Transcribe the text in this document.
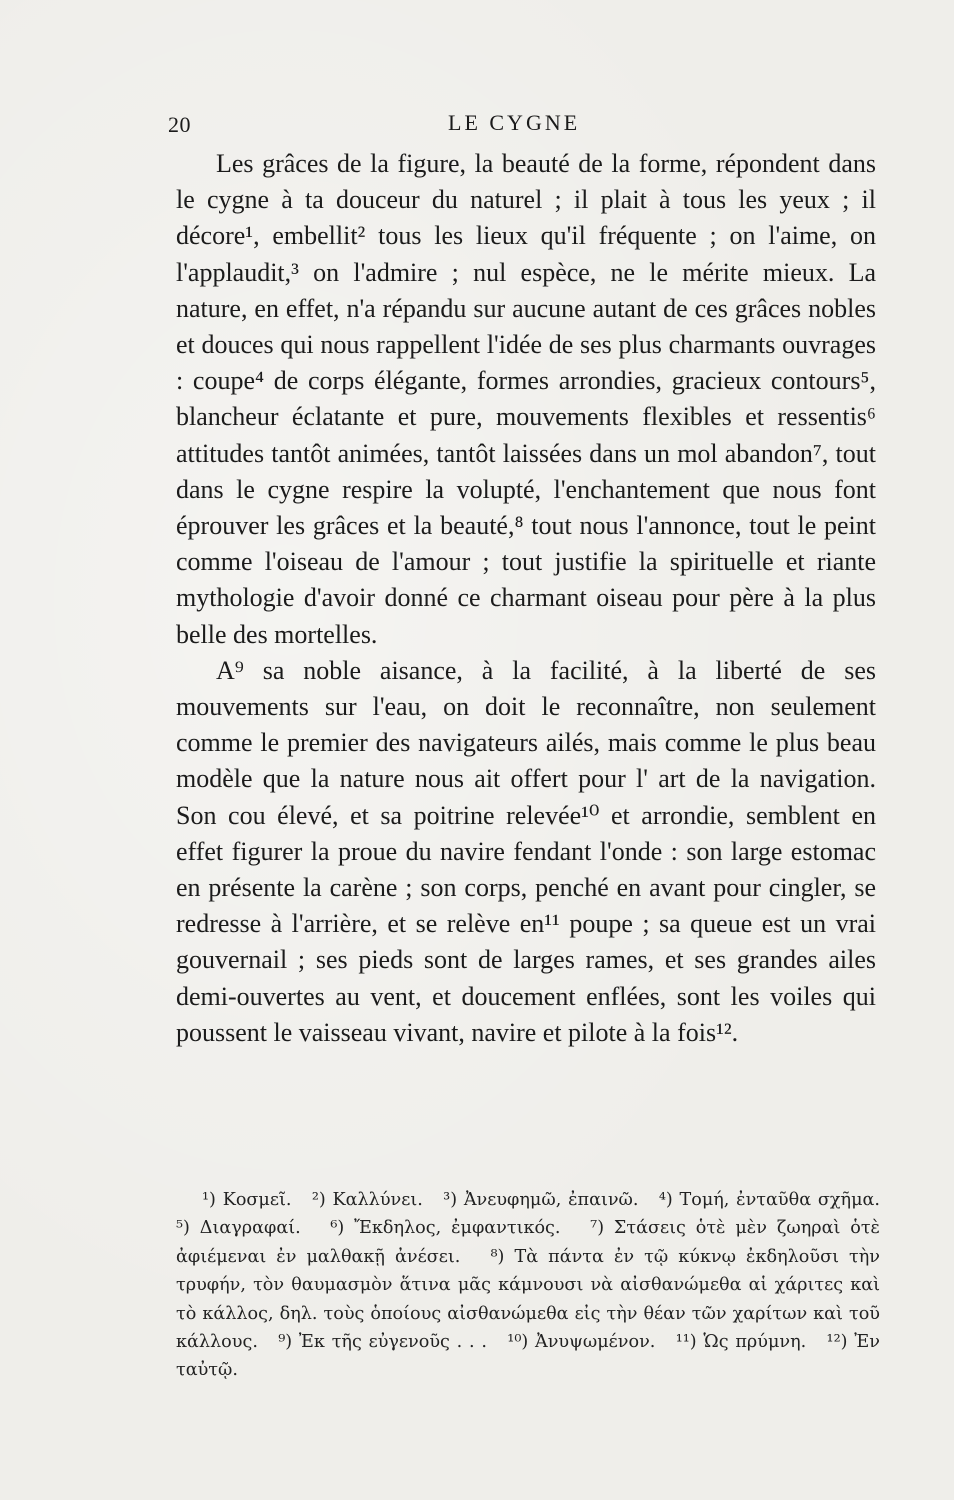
20	LE CYGNE

Les grâces de la figure, la beauté de la forme, répondent dans le cygne à ta douceur du naturel ; il plait à tous les yeux ; il décore¹, embellit² tous les lieux qu'il fréquente ; on l'aime, on l'applaudit,³ on l'admire ; nul espèce, ne le mérite mieux. La nature, en effet, n'a répandu sur aucune autant de ces grâces nobles et douces qui nous rappellent l'idée de ses plus charmants ouvrages : coupe⁴ de corps élégante, formes arrondies, gracieux contours⁵, blancheur éclatante et pure, mouvements flexibles et ressentis⁶ attitudes tantôt animées, tantôt laissées dans un mol abandon⁷, tout dans le cygne respire la volupté, l'enchantement que nous font éprouver les grâces et la beauté,⁸ tout nous l'annonce, tout le peint comme l'oiseau de l'amour ; tout justifie la spirituelle et riante mythologie d'avoir donné ce charmant oiseau pour père à la plus belle des mortelles.

A⁹ sa noble aisance, à la facilité, à la liberté de ses mouvements sur l'eau, on doit le reconnaître, non seulement comme le premier des navigateurs ailés, mais comme le plus beau modèle que la nature nous ait offert pour l' art de la navigation. Son cou élevé, et sa poitrine relevée¹⁰ et arrondie, semblent en effet figurer la proue du navire fendant l'onde : son large estomac en présente la carène ; son corps, penché en avant pour cingler, se redresse à l'arrière, et se relève en¹¹ poupe ; sa queue est un vrai gouvernail ; ses pieds sont de larges rames, et ses grandes ailes demi-ouvertes au vent, et doucement enflées, sont les voiles qui poussent le vaisseau vivant, navire et pilote à la fois¹².

¹) Κοσμεῖ. ²) Καλλύνει. ³) Ἀνευφημῶ, ἐπαινῶ. ⁴) Τομή, ἐνταῦθα σχῆμα. ⁵) Διαγραφαί. ⁶) Ἔκδηλος, ἐμφαντικός. ⁷) Στάσεις ὁτὲ μὲν ζωηραὶ ὁτὲ ἀφιέμεναι ἐν μαλθακῇ ἀνέσει. ⁸) Τὰ πάντα ἐν τῷ κύκνῳ ἐκδηλοῦσι τὴν τρυφήν, τὸν θαυμασμὸν ἅτινα μᾶς κάμνουσι νὰ αἰσθανώμεθα αἱ χάριτες καὶ τὸ κάλλος, δηλ. τοὺς ὁποίους αἰσθανώμεθα εἰς τὴν θέαν τῶν χαρίτων καὶ τοῦ κάλλους. ⁹) Ἐκ τῆς εὐγενοῦς . . . ¹⁰) Ἀνυψωμένον. ¹¹) Ὡς πρύμνη. ¹²) Ἐν ταὐτῷ.
